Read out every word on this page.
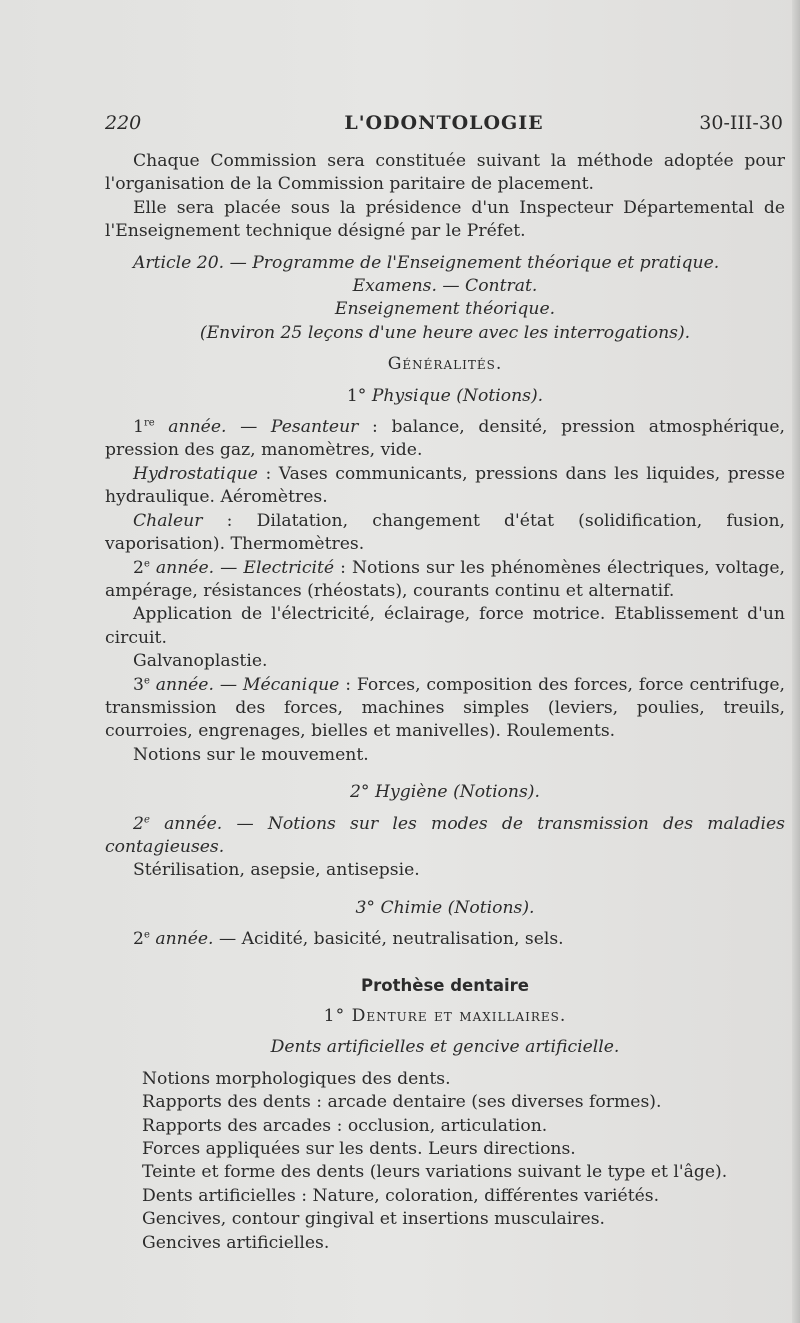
220	L'ODONTOLOGIE	30-III-30

Chaque Commission sera constituée suivant la méthode adoptée pour l'organisation de la Commission paritaire de placement.

Elle sera placée sous la présidence d'un Inspecteur Départemental de l'Enseignement technique désigné par le Préfet.

Article 20. — Programme de l'Enseignement théorique et pratique.

Examens. — Contrat.

Enseignement théorique.

(Environ 25 leçons d'une heure avec les interrogations).

Généralités.

1° Physique (Notions).

1re année. — Pesanteur : balance, densité, pression atmosphérique, pression des gaz, manomètres, vide.

Hydrostatique : Vases communicants, pressions dans les liquides, presse hydraulique. Aéromètres.

Chaleur : Dilatation, changement d'état (solidification, fusion, vaporisation). Thermomètres.

2e année. — Electricité : Notions sur les phénomènes électriques, voltage, ampérage, résistances (rhéostats), courants continu et alternatif.

Application de l'électricité, éclairage, force motrice. Etablissement d'un circuit.

Galvanoplastie.

3e année. — Mécanique : Forces, composition des forces, force centrifuge, transmission des forces, machines simples (leviers, poulies, treuils, courroies, engrenages, bielles et manivelles). Roulements.

Notions sur le mouvement.

2° Hygiène (Notions).

2e année. — Notions sur les modes de transmission des maladies contagieuses.

Stérilisation, asepsie, antisepsie.

3° Chimie (Notions).

2e année. — Acidité, basicité, neutralisation, sels.

Prothèse dentaire

1° Denture et maxillaires.

Dents artificielles et gencive artificielle.

Notions morphologiques des dents.

Rapports des dents : arcade dentaire (ses diverses formes).

Rapports des arcades : occlusion, articulation.

Forces appliquées sur les dents. Leurs directions.

Teinte et forme des dents (leurs variations suivant le type et l'âge).

Dents artificielles : Nature, coloration, différentes variétés.

Gencives, contour gingival et insertions musculaires.

Gencives artificielles.
